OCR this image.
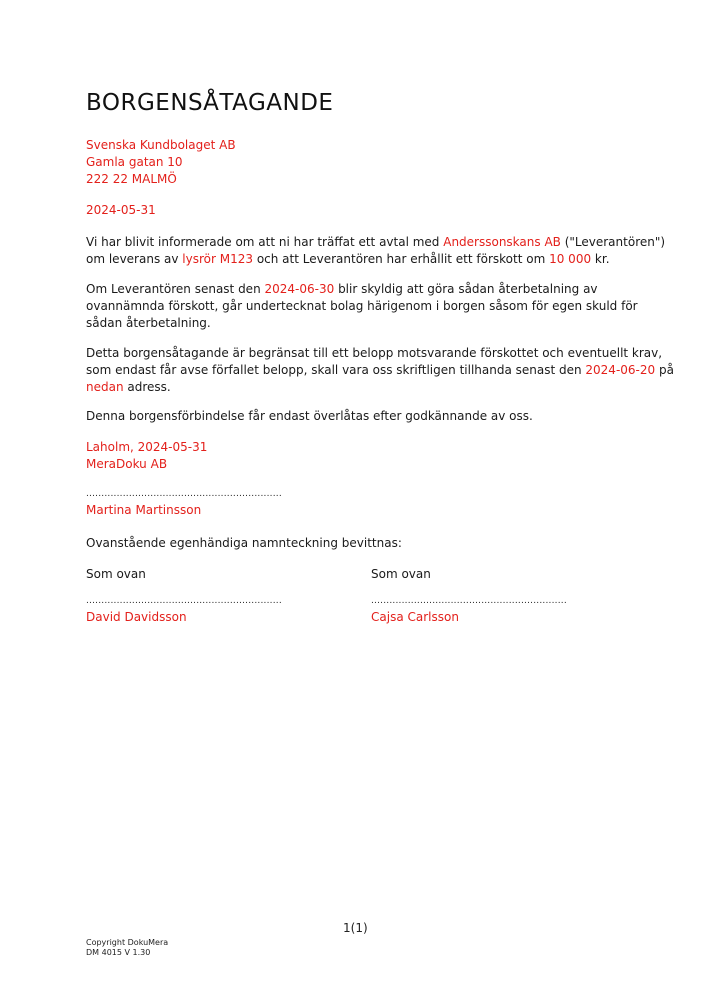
BORGENSÅTAGANDE
Svenska Kundbolaget AB
Gamla gatan 10
222 22 MALMÖ
2024-05-31
Vi har blivit informerade om att ni har träffat ett avtal med Anderssonskans AB ("Leverantören")
om leverans av lysrör M123 och att Leverantören har erhållit ett förskott om 10 000 kr.
Om Leverantören senast den 2024-06-30 blir skyldig att göra sådan återbetalning av
ovannämnda förskott, går undertecknat bolag härigenom i borgen såsom för egen skuld för
sådan återbetalning.
Detta borgensåtagande är begränsat till ett belopp motsvarande förskottet och eventuellt krav,
som endast får avse förfallet belopp, skall vara oss skriftligen tillhanda senast den 2024-06-20 på
nedan adress.
Denna borgensförbindelse får endast överlåtas efter godkännande av oss.
Laholm, 2024-05-31
MeraDoku AB
................................................................
Martina Martinsson
Ovanstående egenhändiga namnteckning bevittnas:
Som ovan
................................................................
David Davidsson
Som ovan
................................................................
Cajsa Carlsson
1(1)
Copyright DokuMera
DM 4015 V 1.30
